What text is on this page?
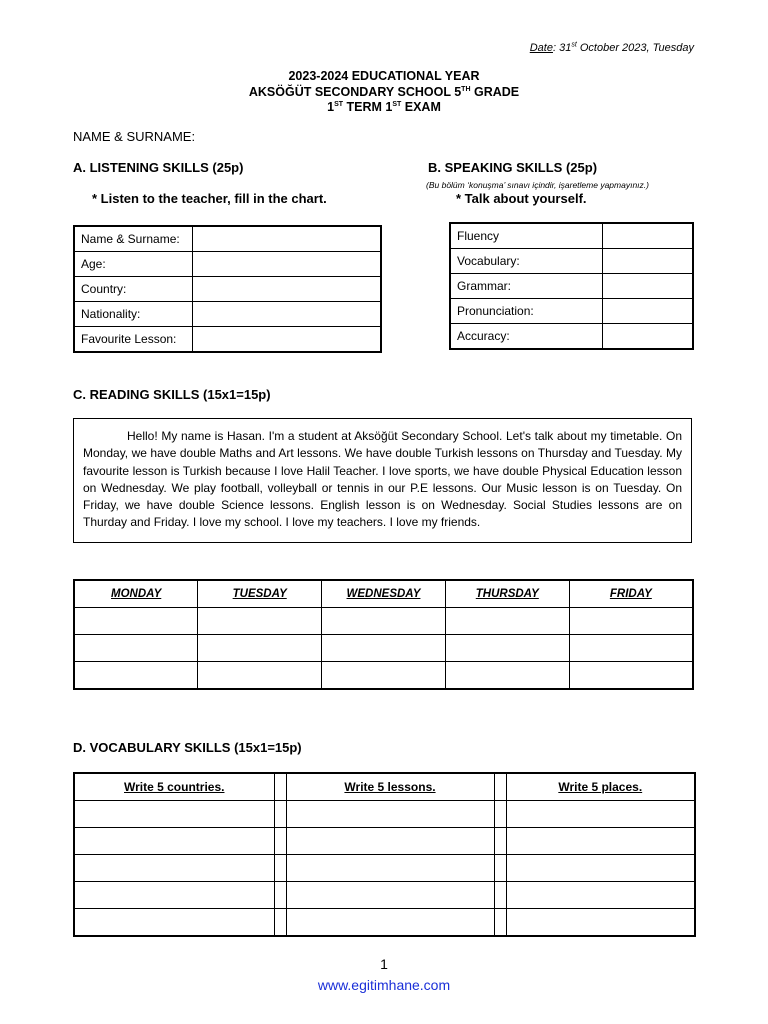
Date: 31st October 2023, Tuesday
2023-2024 EDUCATIONAL YEAR
AKSÖĞÜT SECONDARY SCHOOL 5TH GRADE
1ST TERM 1ST EXAM
NAME & SURNAME:
A. LISTENING SKILLS (25p)
* Listen to the teacher, fill in the chart.
Name & Surname:	
Age:	
Country:	
Nationality:	
Favourite Lesson:	
B. SPEAKING SKILLS (25p)
(Bu bölüm ‘konuşma’ sınavı içindir, işaretleme yapmayınız.)
* Talk about yourself.
Fluency	
Vocabulary:	
Grammar:	
Pronunciation:	
Accuracy:	
C. READING SKILLS (15x1=15p)
Hello! My name is Hasan. I'm a student at Aksöğüt Secondary School. Let's talk about my timetable. On Monday, we have double Maths and Art lessons. We have double Turkish lessons on Thursday and Tuesday. My favourite lesson is Turkish because I love Halil Teacher. I love sports, we have double Physical Education lesson on Wednesday. We play football, volleyball or tennis in our P.E lessons. Our Music lesson is on Tuesday. On Friday, we have double Science lessons. English lesson is on Wednesday. Social Studies lessons are on Thurday and Friday. I love my school. I love my teachers. I love my friends.
MONDAY	TUESDAY	WEDNESDAY	THURSDAY	FRIDAY

D. VOCABULARY SKILLS (15x1=15p)
Write 5 countries.		Write 5 lessons.		Write 5 places.

1
www.egitimhane.com
